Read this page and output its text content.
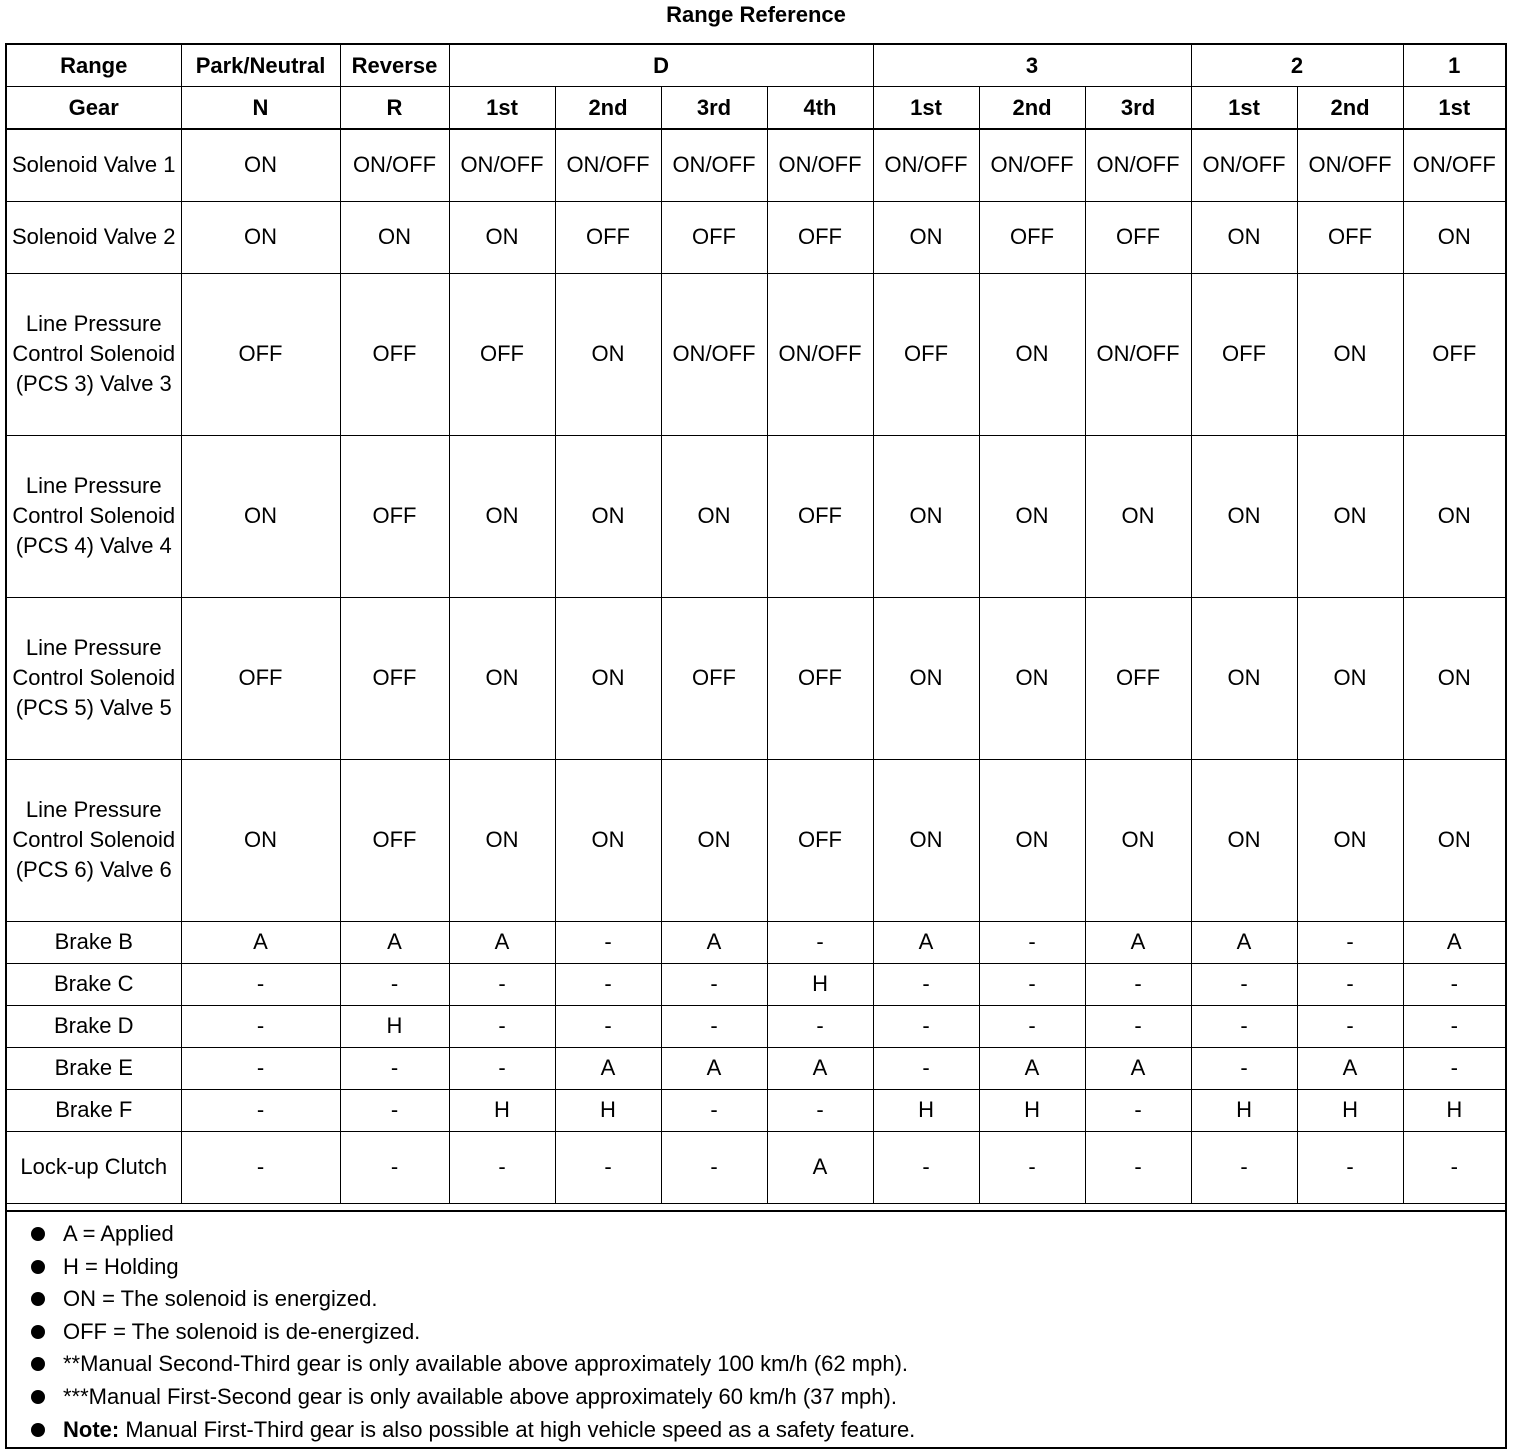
Range Reference
Range	Park/Neutral	Reverse	D				3			2		1
Gear	N	R	1st	2nd	3rd	4th	1st	2nd	3rd	1st	2nd	1st
Solenoid Valve 1	ON	ON/OFF	ON/OFF	ON/OFF	ON/OFF	ON/OFF	ON/OFF	ON/OFF	ON/OFF	ON/OFF	ON/OFF	ON/OFF
Solenoid Valve 2	ON	ON	ON	OFF	OFF	OFF	ON	OFF	OFF	ON	OFF	ON
Line Pressure Control Solenoid (PCS 3) Valve 3	OFF	OFF	OFF	ON	ON/OFF	ON/OFF	OFF	ON	ON/OFF	OFF	ON	OFF
Line Pressure Control Solenoid (PCS 4) Valve 4	ON	OFF	ON	ON	ON	OFF	ON	ON	ON	ON	ON	ON
Line Pressure Control Solenoid (PCS 5) Valve 5	OFF	OFF	ON	ON	OFF	OFF	ON	ON	OFF	ON	ON	ON
Line Pressure Control Solenoid (PCS 6) Valve 6	ON	OFF	ON	ON	ON	OFF	ON	ON	ON	ON	ON	ON
Brake B	A	A	A	-	A	-	A	-	A	A	-	A
Brake C	-	-	-	-	-	H	-	-	-	-	-	-
Brake D	-	H	-	-	-	-	-	-	-	-	-	-
Brake E	-	-	-	A	A	A	-	A	A	-	A	-
Brake F	-	-	H	H	-	-	H	H	-	H	H	H
Lock-up Clutch	-	-	-	-	-	A	-	-	-	-	-	-
A = Applied
H = Holding
ON = The solenoid is energized.
OFF = The solenoid is de-energized.
**Manual Second-Third gear is only available above approximately 100 km/h (62 mph).
***Manual First-Second gear is only available above approximately 60 km/h (37 mph).
Note: Manual First-Third gear is also possible at high vehicle speed as a safety feature.
